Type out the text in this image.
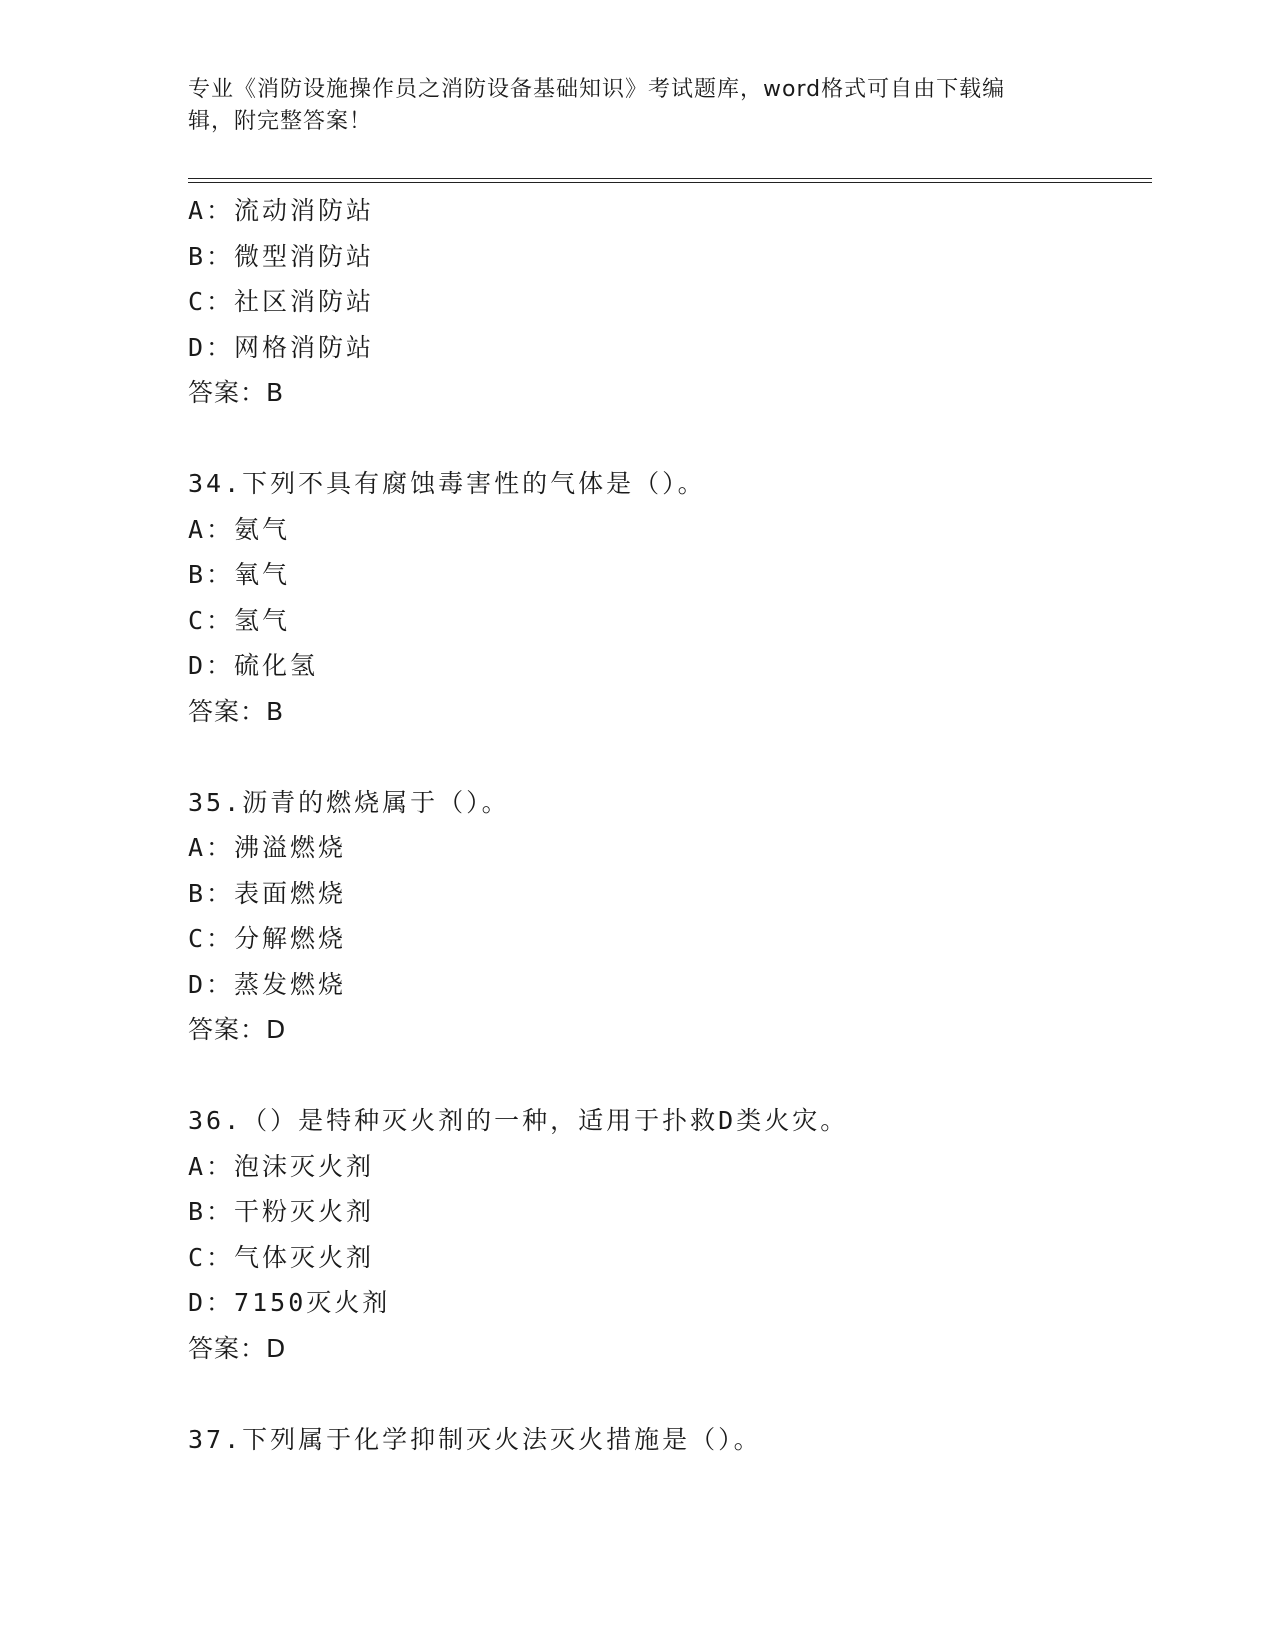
专业《消防设施操作员之消防设备基础知识》考试题库，word格式可自由下载编
辑，附完整答案！
A：流动消防站
B：微型消防站
C：社区消防站
D：网格消防站
答案：B
34.下列不具有腐蚀毒害性的气体是（）。
A：氨气
B：氧气
C：氢气
D：硫化氢
答案：B
35.沥青的燃烧属于（）。
A：沸溢燃烧
B：表面燃烧
C：分解燃烧
D：蒸发燃烧
答案：D
36.（）是特种灭火剂的一种，适用于扑救D类火灾。
A：泡沫灭火剂
B：干粉灭火剂
C：气体灭火剂
D：7150灭火剂
答案：D
37.下列属于化学抑制灭火法灭火措施是（）。
